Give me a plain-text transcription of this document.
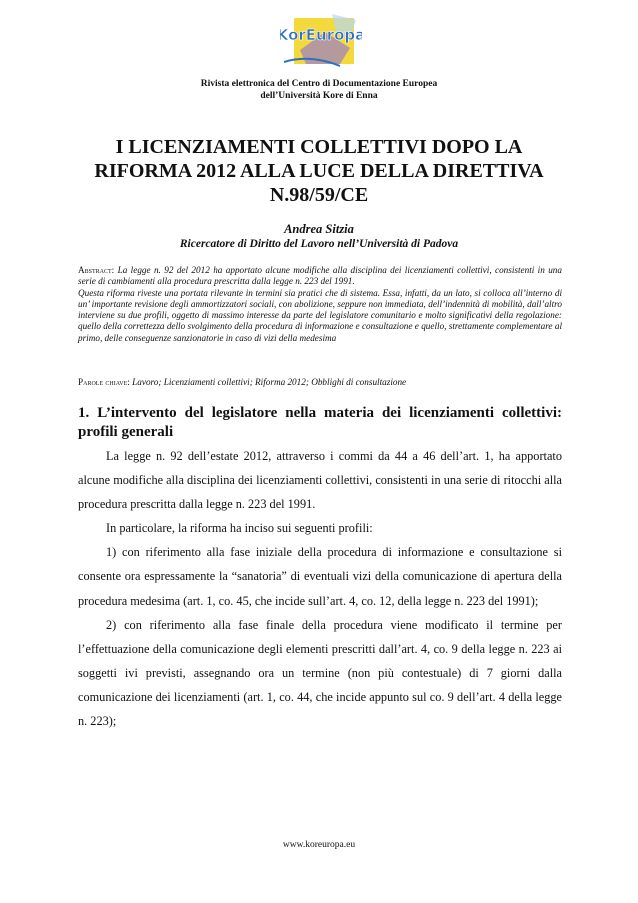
KorEuropa
Rivista elettronica del Centro di Documentazione Europea
dell’Università Kore di Enna
I LICENZIAMENTI COLLETTIVI DOPO LA
RIFORMA 2012 ALLA LUCE DELLA DIRETTIVA
N.98/59/CE
Andrea Sitzia
Ricercatore di Diritto del Lavoro nell’Università di Padova

Abstract: La legge n. 92 del 2012 ha apportato alcune modifiche alla disciplina dei licenziamenti collettivi, consistenti in una serie di cambiamenti alla procedura prescritta dalla legge n. 223 del 1991.

Questa riforma riveste una portata rilevante in termini sia pratici che di sistema. Essa, infatti, da un lato, si colloca all’interno di un’ importante revisione degli ammortizzatori sociali, con abolizione, seppure non immediata, dell’indennità di mobilità, dall’altro interviene su due profili, oggetto di massimo interesse da parte del legislatore comunitario e molto significativi della regolazione: quello della correttezza dello svolgimento della procedura di informazione e consultazione e quello, strettamente complementare al primo, delle conseguenze sanzionatorie in caso di vizi della medesima

Parole chiave: Lavoro; Licenziamenti collettivi; Riforma 2012; Obblighi di consultazione
1. L’intervento del legislatore nella materia dei licenziamenti collettivi: profili generali

La legge n. 92 dell’estate 2012, attraverso i commi da 44 a 46 dell’art. 1, ha apportato alcune modifiche alla disciplina dei licenziamenti collettivi, consistenti in una serie di ritocchi alla procedura prescritta dalla legge n. 223 del 1991.

In particolare, la riforma ha inciso sui seguenti profili:

1) con riferimento alla fase iniziale della procedura di informazione e consultazione si consente ora espressamente la “sanatoria” di eventuali vizi della comunicazione di apertura della procedura medesima (art. 1, co. 45, che incide sull’art. 4, co. 12, della legge n. 223 del 1991);

2) con riferimento alla fase finale della procedura viene modificato il termine per l’effettuazione della comunicazione degli elementi prescritti dall’art. 4, co. 9 della legge n. 223 ai soggetti ivi previsti, assegnando ora un termine (non più contestuale) di 7 giorni dalla comunicazione dei licenziamenti (art. 1, co. 44, che incide appunto sul co. 9 dell’art. 4 della legge n. 223);

www.koreuropa.eu
